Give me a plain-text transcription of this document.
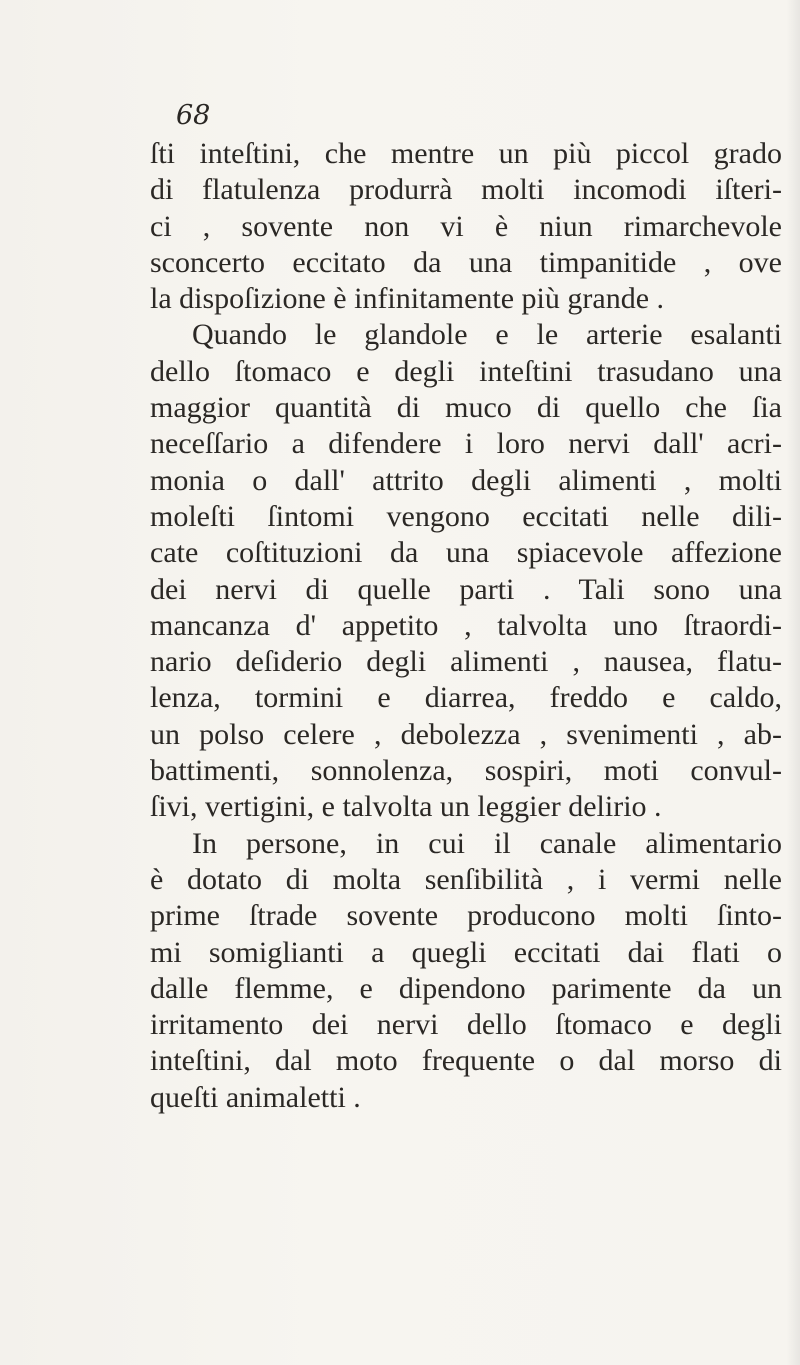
68
ſti inteſtini, che mentre un più piccol grado
di flatulenza produrrà molti incomodi iſteri-
ci , sovente non vi è niun rimarchevole
sconcerto eccitato da una timpanitide , ove
la dispoſizione è infinitamente più grande .
Quando le glandole e le arterie esalanti
dello ſtomaco e degli inteſtini trasudano una
maggior quantità di muco di quello che ſia
neceſſario a difendere i loro nervi dall' acri-
monia o dall' attrito degli alimenti , molti
moleſti ſintomi vengono eccitati nelle dili-
cate coſtituzioni da una spiacevole affezione
dei nervi di quelle parti . Tali sono una
mancanza d' appetito , talvolta uno ſtraordi-
nario deſiderio degli alimenti , nausea, flatu-
lenza, tormini e diarrea, freddo e caldo,
un polso celere , debolezza , svenimenti , ab-
battimenti, sonnolenza, sospiri, moti convul-
ſivi, vertigini, e talvolta un leggier delirio .
In persone, in cui il canale alimentario
è dotato di molta senſibilità , i vermi nelle
prime ſtrade sovente producono molti ſinto-
mi somiglianti a quegli eccitati dai flati o
dalle flemme, e dipendono parimente da un
irritamento dei nervi dello ſtomaco e degli
inteſtini, dal moto frequente o dal morso di
queſti animaletti .
